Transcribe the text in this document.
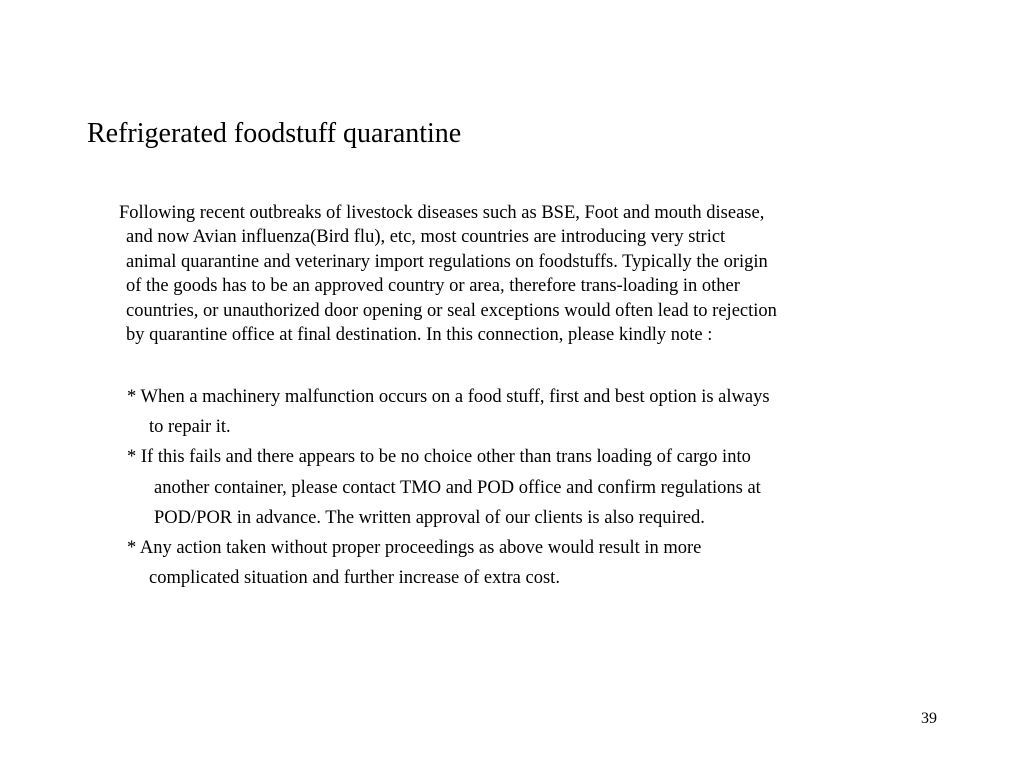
Refrigerated foodstuff quarantine
Following recent outbreaks of livestock diseases such as BSE, Foot and mouth disease,
and now Avian influenza(Bird flu), etc, most countries are introducing very strict
animal quarantine and veterinary import regulations on foodstuffs. Typically the origin
of the goods has to be an approved country or area, therefore trans-loading in other
countries, or unauthorized door opening or seal exceptions would often lead to rejection
by quarantine office at final destination. In this connection, please kindly note :
* When a machinery malfunction occurs on a food stuff, first and best option is always
to repair it.
* If this fails and there appears to be no choice other than trans loading of cargo into
another container, please contact TMO and POD office and confirm regulations at
POD/POR in advance. The written approval of our clients is also required.
* Any action taken without proper proceedings as above would result in more
complicated situation and further increase of extra cost.
39
